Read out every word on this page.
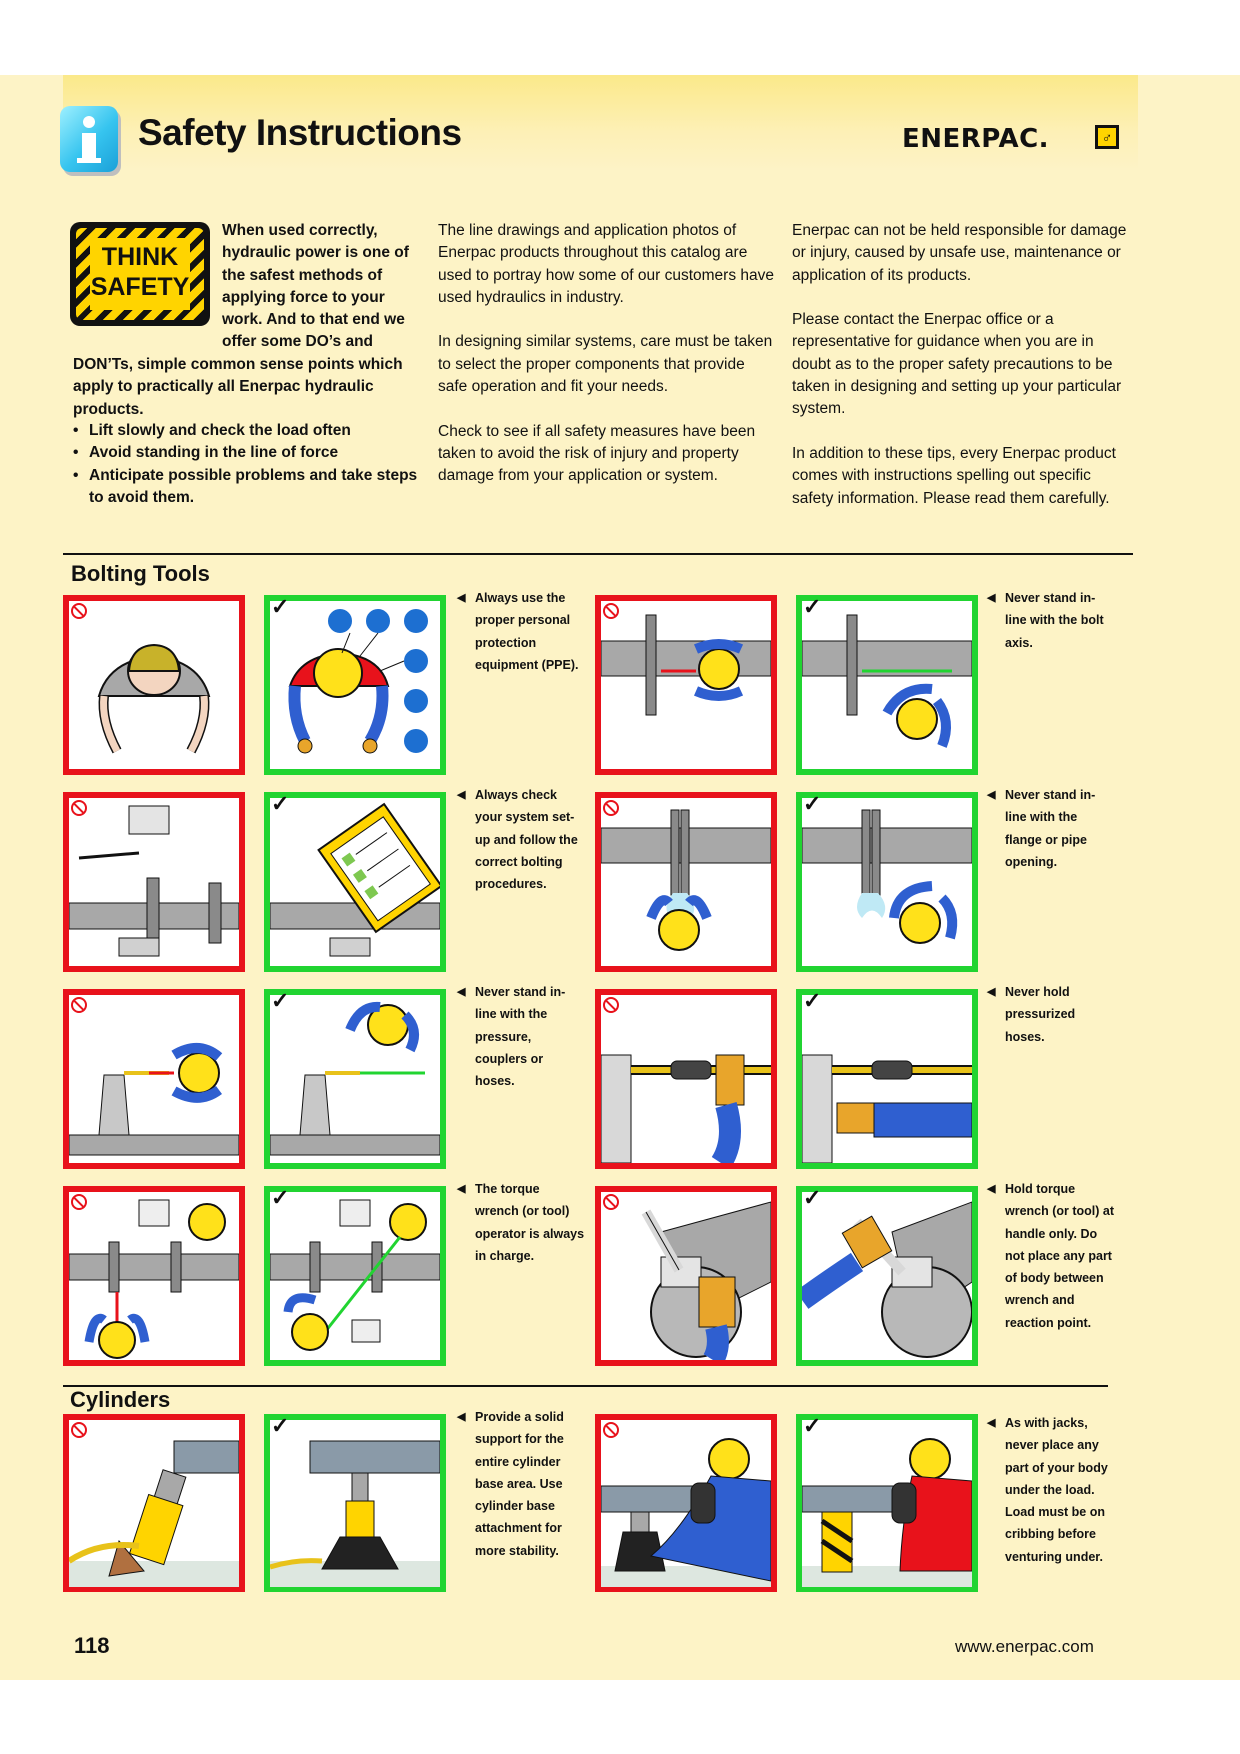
Safety Instructions	ENERPAC.	♂
THINK
SAFETY
When used correctly, hydraulic power is one of the safest methods of applying force to your work. And to that end we offer some DO’s and
DON’Ts, simple common sense points which apply to practically all Enerpac hydraulic products.
• Lift slowly and check the load often
• Avoid standing in the line of force
• Anticipate possible problems and take steps to avoid them.

The line drawings and application photos of Enerpac products throughout this catalog are used to portray how some of our customers have used hydraulics in industry.

In designing similar systems, care must be taken to select the proper components that provide safe operation and fit your needs.

Check to see if all safety measures have been taken to avoid the risk of injury and property damage from your application or system.

Enerpac can not be held responsible for damage or injury, caused by unsafe use, maintenance or application of its products.

Please contact the Enerpac office or a representative for guidance when you are in doubt as to the proper safety precautions to be taken in designing and setting up your particular system.

In addition to these tips, every Enerpac product comes with instructions spelling out specific safety information. Please read them carefully.

Bolting Tools
✓	◀ Always use the proper personal protection equipment (PPE).
✓	◀ Never stand in-line with the bolt axis.
✓	◀ Always check your system set-up and follow the correct bolting procedures.
✓	◀ Never stand in-line with the flange or pipe opening.
✓	◀ Never stand in-line with the pressure, couplers or hoses.
✓	◀ Never hold pressurized hoses.
✓	◀ The torque wrench (or tool) operator is always in charge.
✓	◀ Hold torque wrench (or tool) at handle only. Do not place any part of body between wrench and reaction point.
Cylinders
✓	◀ Provide a solid support for the entire cylinder base area. Use cylinder base attachment for more stability.
✓	◀ As with jacks, never place any part of your body under the load. Load must be on cribbing before venturing under.
118	www.enerpac.com
